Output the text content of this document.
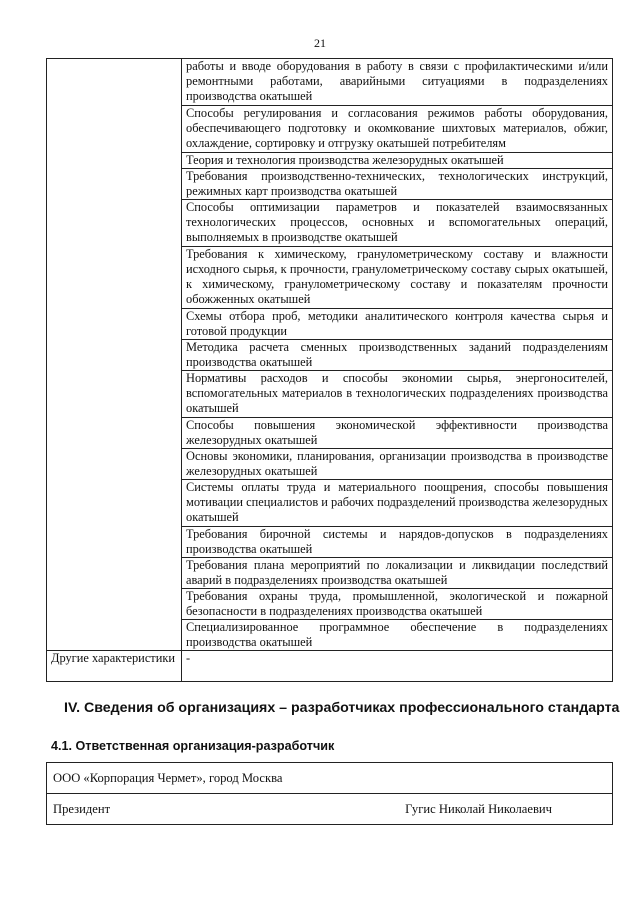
21

	работы и вводе оборудования в работу в связи с профилактическими и/или ремонтными работами, аварийными ситуациями в подразделениях производства окатышей

	Способы регулирования и согласования режимов работы оборудования, обеспечивающего подготовку и окомкование шихтовых материалов, обжиг, охлаждение, сортировку и отгрузку окатышей потребителям

	Теория и технология производства железорудных окатышей

	Требования производственно-технических, технологических инструкций, режимных карт производства окатышей

	Способы оптимизации параметров и показателей взаимосвязанных технологических процессов, основных и вспомогательных операций, выполняемых в производстве окатышей

	Требования к химическому, гранулометрическому составу и влажности исходного сырья, к прочности, гранулометрическому составу сырых окатышей, к химическому, гранулометрическому составу и показателям прочности обожженных окатышей

	Схемы отбора проб, методики аналитического контроля качества сырья и готовой продукции

	Методика расчета сменных производственных заданий подразделениям производства окатышей

	Нормативы расходов и способы экономии сырья, энергоносителей, вспомогательных материалов в технологических подразделениях производства окатышей

	Способы повышения экономической эффективности производства железорудных окатышей

	Основы экономики, планирования, организации производства в производстве железорудных окатышей

	Системы оплаты труда и материального поощрения, способы повышения мотивации специалистов и рабочих подразделений производства железорудных окатышей

	Требования бирочной системы и нарядов-допусков в подразделениях производства окатышей

	Требования плана мероприятий по локализации и ликвидации последствий аварий в подразделениях производства окатышей

	Требования охраны труда, промышленной, экологической и пожарной безопасности в подразделениях производства окатышей

	Специализированное программное обеспечение в подразделениях производства окатышей

Другие характеристики	-
IV. Сведения об организациях – разработчиках профессионального стандарта
4.1. Ответственная организация-разработчик
ООО «Корпорация Чермет», город Москва

Президент	Гугис Николай Николаевич
